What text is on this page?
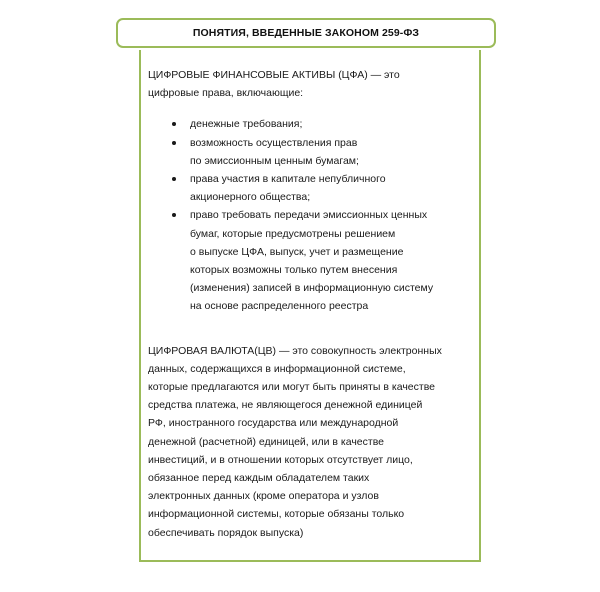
ПОНЯТИЯ, ВВЕДЕННЫЕ ЗАКОНОМ 259-ФЗ

ЦИФРОВЫЕ ФИНАНСОВЫЕ АКТИВЫ (ЦФА) — это
цифровые права, включающие:

денежные требования;
возможность осуществления прав
по эмиссионным ценным бумагам;
права участия в капитале непубличного
акционерного общества;
право требовать передачи эмиссионных ценных
бумаг, которые предусмотрены решением
о выпуске ЦФА, выпуск, учет и размещение
которых возможны только путем внесения
(изменения) записей в информационную систему
на основе распределенного реестра

ЦИФРОВАЯ ВАЛЮТА(ЦВ) — это совокупность электронных
данных, содержащихся в информационной системе,
которые предлагаются или могут быть приняты в качестве
средства платежа, не являющегося денежной единицей
РФ, иностранного государства или международной
денежной (расчетной) единицей, или в качестве
инвестиций, и в отношении которых отсутствует лицо,
обязанное перед каждым обладателем таких
электронных данных (кроме оператора и узлов
информационной системы, которые обязаны только
обеспечивать порядок выпуска)
